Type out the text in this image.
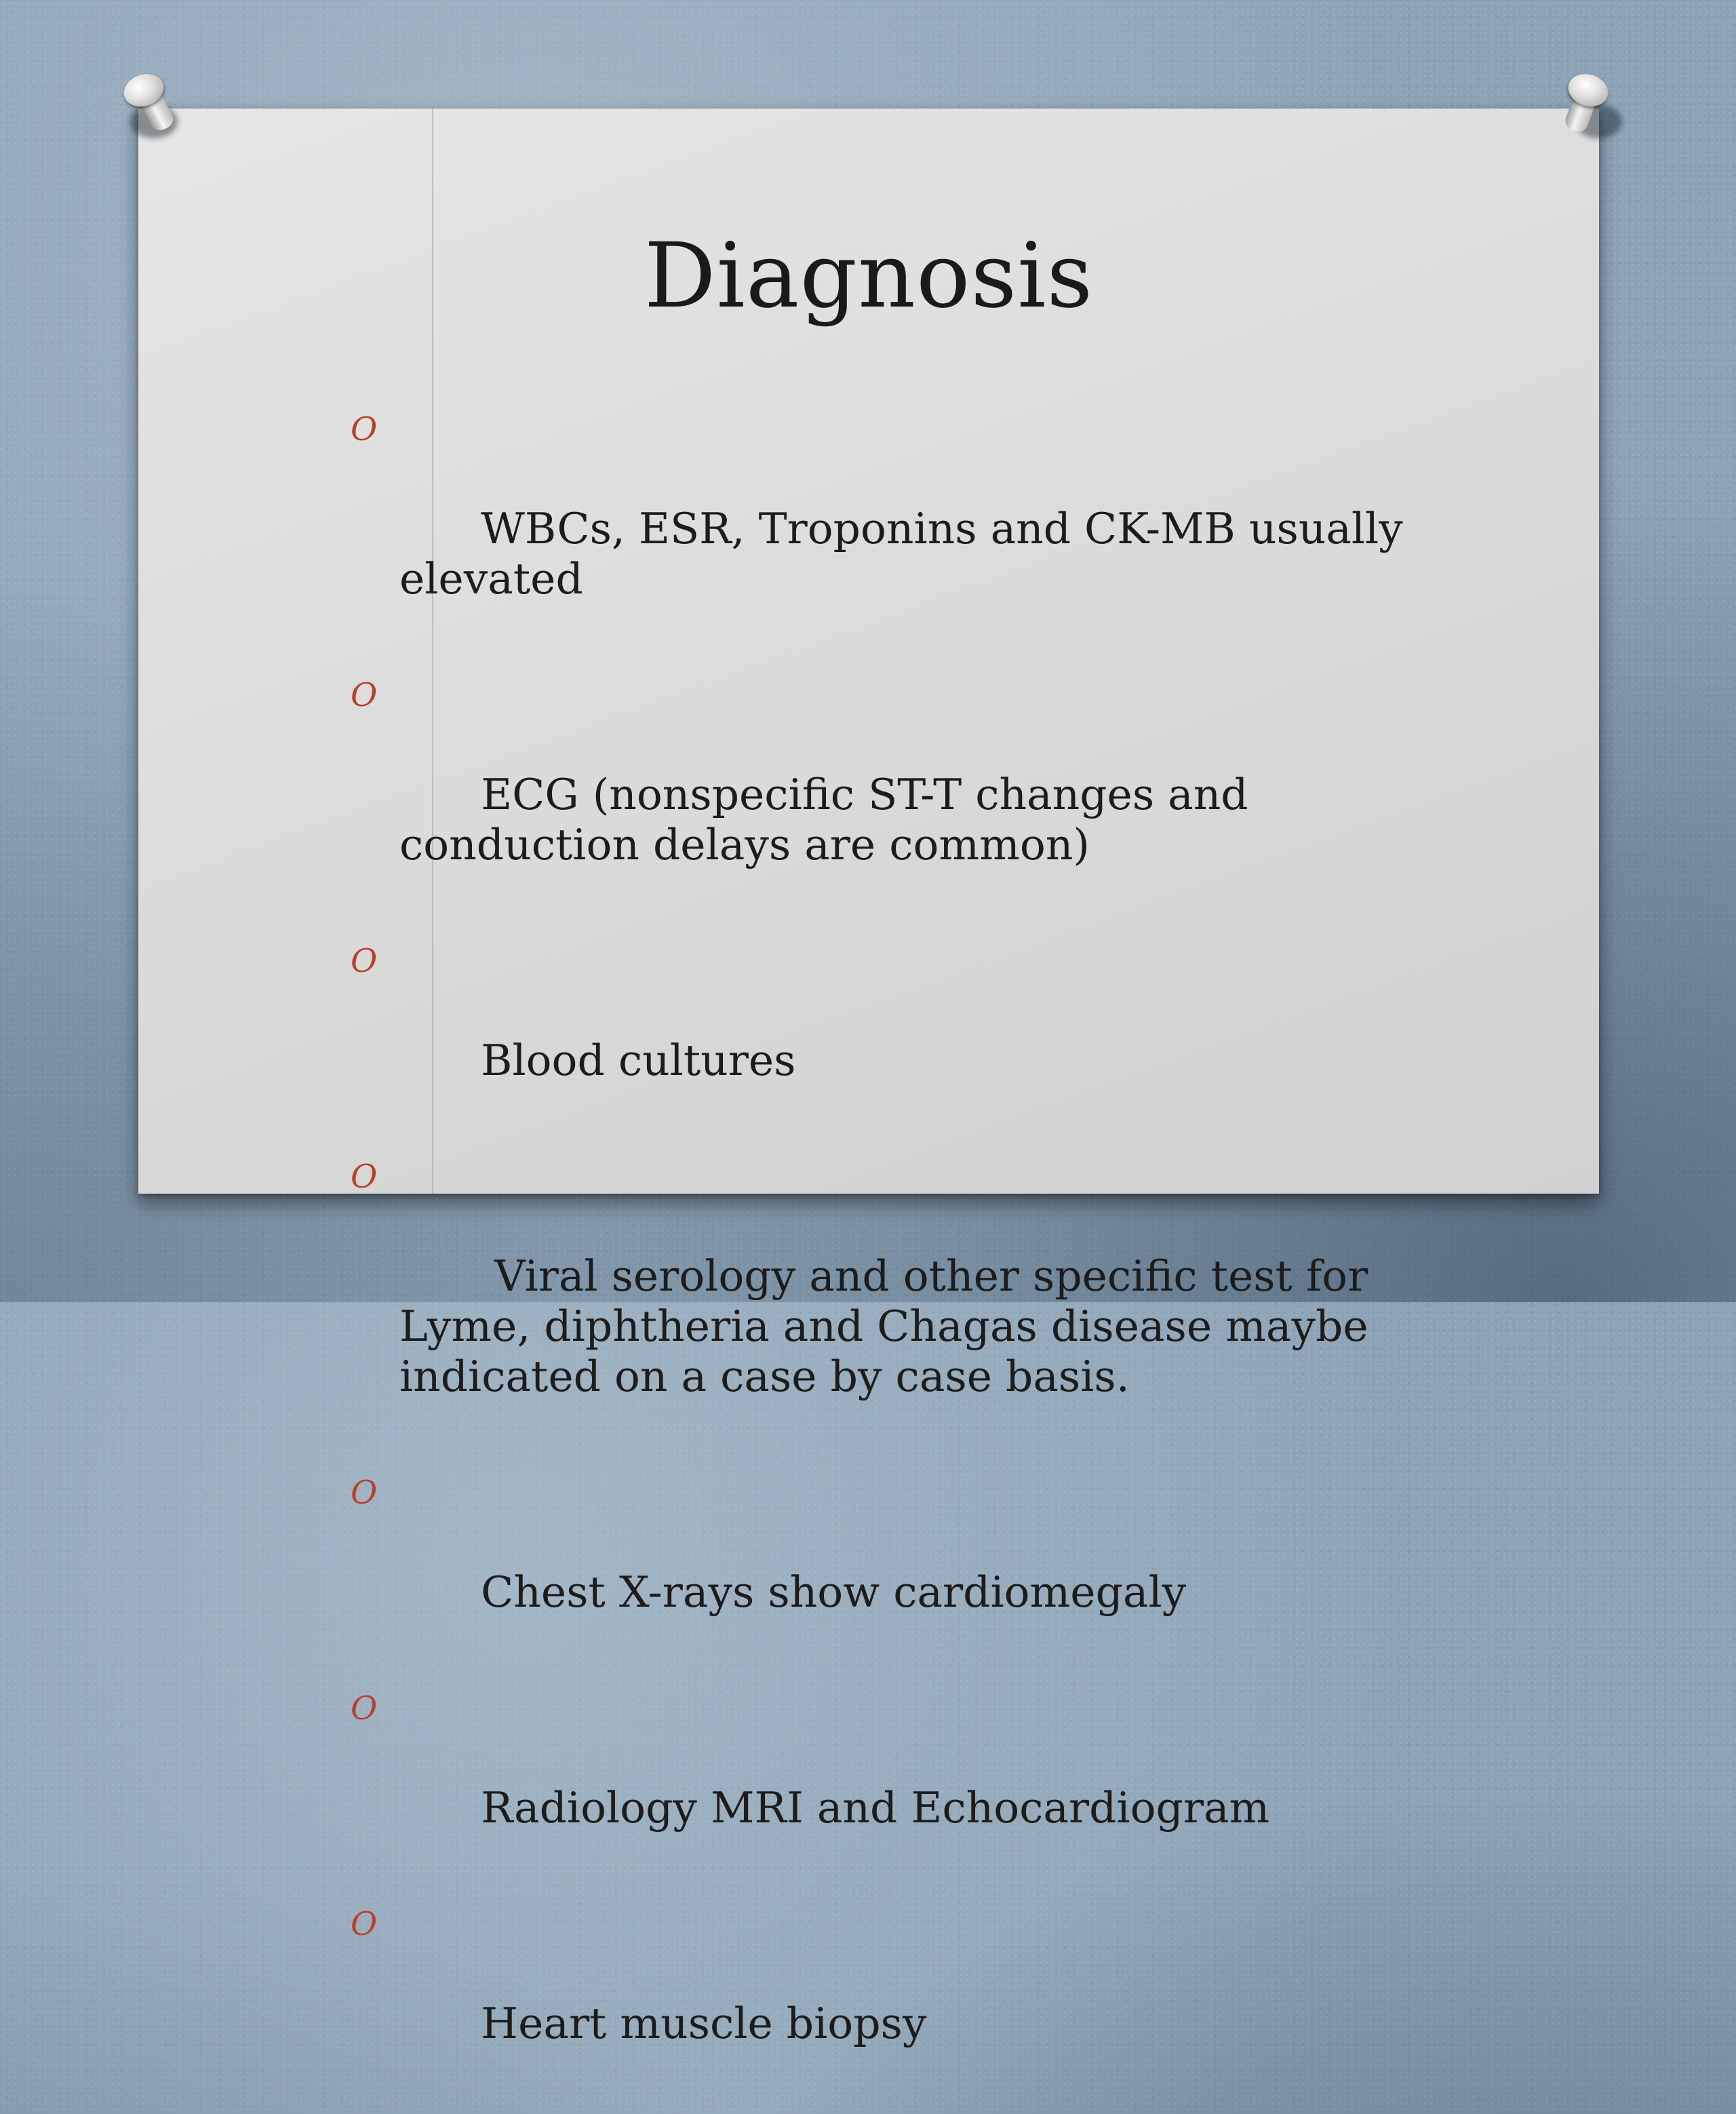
Diagnosis

O

WBCs, ESR, Troponins and CK-MB usually elevated

O

ECG (nonspecific ST-T changes and conduction delays are common)

O

Blood cultures

O

Viral serology and other specific test for Lyme, diphtheria and Chagas disease maybe indicated on a case by case basis.

O

Chest X-rays show cardiomegaly

O

Radiology MRI and Echocardiogram

O

Heart muscle biopsy
